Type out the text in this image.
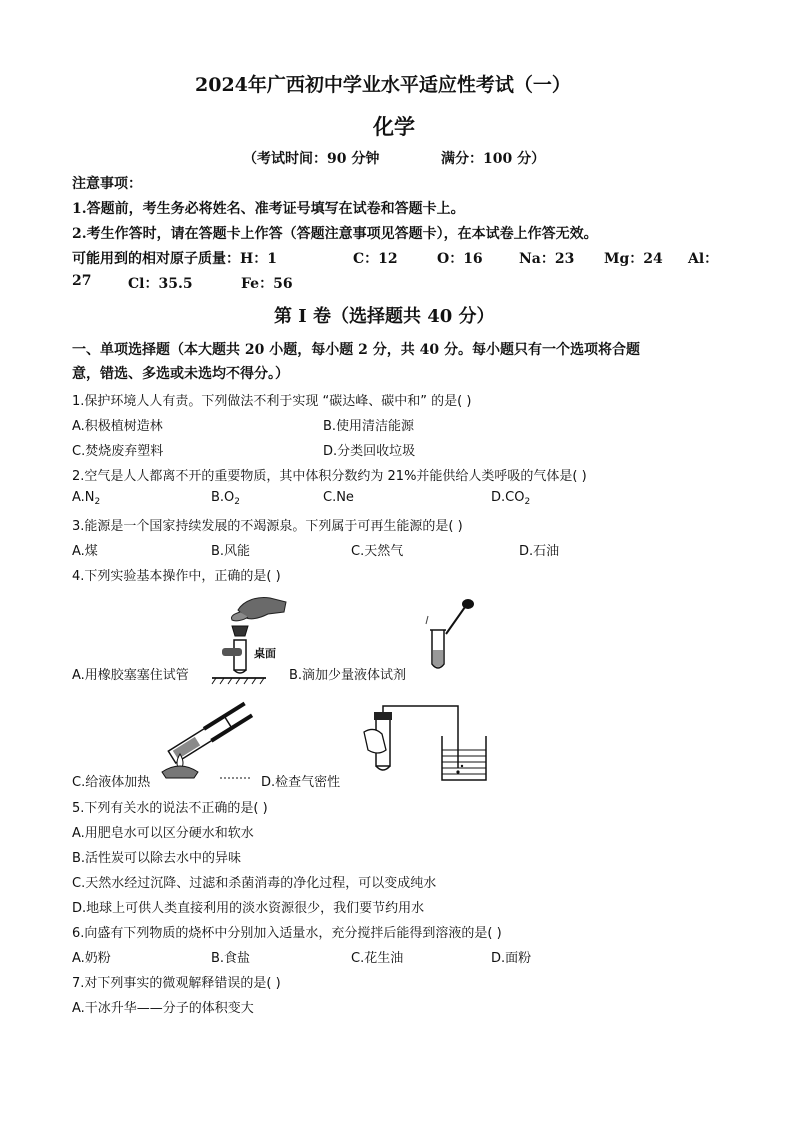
2024年广西初中学业水平适应性考试（一）
化学
（考试时间：90 分钟	满分：100 分）
注意事项：
1.答题前，考生务必将姓名、准考证号填写在试卷和答题卡上。
2.考生作答时，请在答题卡上作答（答题注意事项见答题卡），在本试卷上作答无效。
可能用到的相对原子质量：H：1	C：12	O：16	Na：23 Mg：24 Al：
27	Cl：35.5	Fe：56
第 I 卷（选择题共 40 分）
一、单项选择题（本大题共 20 小题，每小题 2 分，共 40 分。每小题只有一个选项将合题
意，错选、多选或未选均不得分。）
1.保护环境人人有责。下列做法不利于实现 “碳达峰、碳中和” 的是( )
A.积极植树造林	B.使用清洁能源
C.焚烧废弃塑料	D.分类回收垃圾
2.空气是人人都离不开的重要物质，其中体积分数约为 21%并能供给人类呼吸的气体是( )
$A.N_2$	$B.O_2$	C.Ne	$D.CO_2$
3.能源是一个国家持续发展的不竭源泉。下列属于可再生能源的是( )
A.煤	B.风能	C.天然气	D.石油
4.下列实验基本操作中，正确的是( )
桌面
A.用橡胶塞塞住试管	B.滴加少量液体试剂
C.给液体加热	D.检查气密性
5.下列有关水的说法不正确的是( )
A.用肥皂水可以区分硬水和软水
B.活性炭可以除去水中的异味
C.天然水经过沉降、过滤和杀菌消毒的净化过程，可以变成纯水
D.地球上可供人类直接利用的淡水资源很少，我们要节约用水
6.向盛有下列物质的烧杯中分别加入适量水，充分搅拌后能得到溶液的是( )
A.奶粉	B.食盐	C.花生油	D.面粉
7.对下列事实的微观解释错误的是( )
A.干冰升华——分子的体积变大
